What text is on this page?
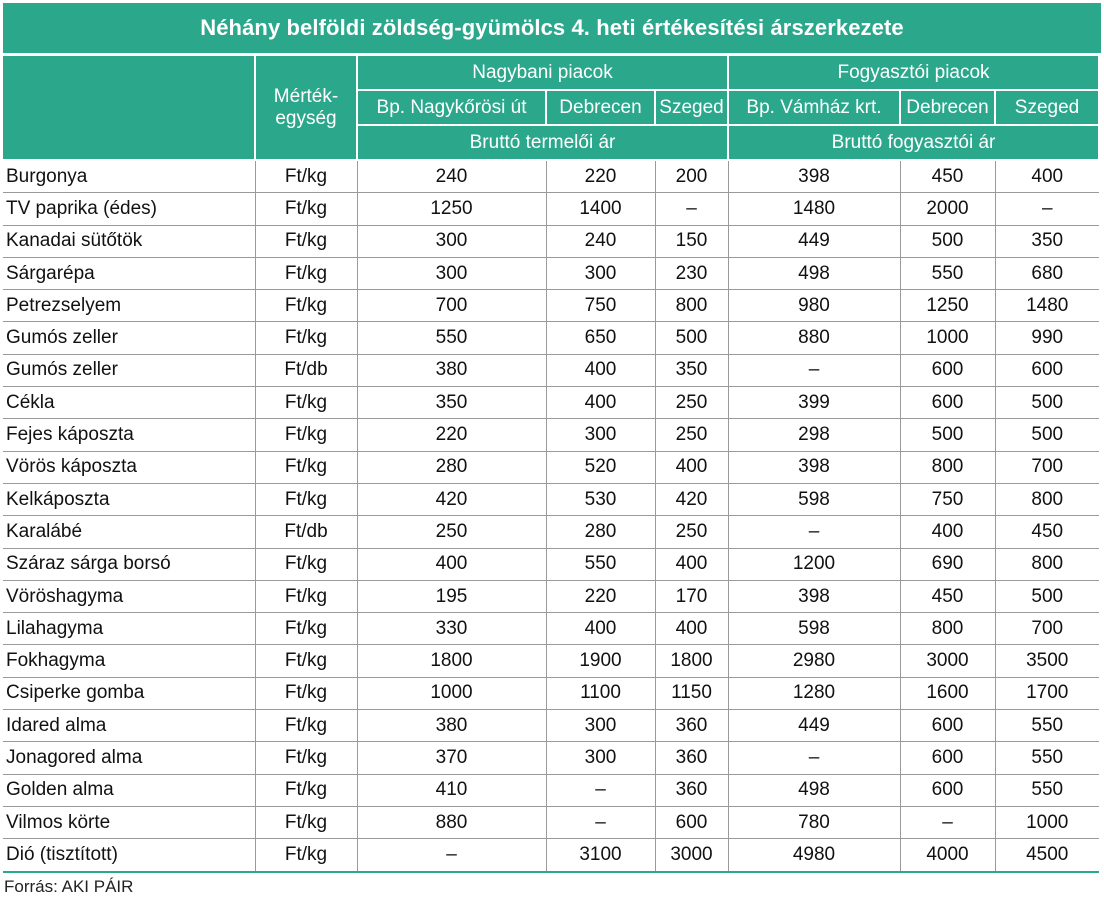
Néhány belföldi zöldség-gyümölcs 4. heti értékesítési árszerkezete
	Mérték-egység	Nagybani piacok			Fogyasztói piacok		
		Bp. Nagykőrösi út	Debrecen	Szeged	Bp. Vámház krt.	Debrecen	Szeged
		Bruttó termelői ár			Bruttó fogyasztói ár		
Burgonya	Ft/kg	240	220	200	398	450	400
TV paprika (édes)	Ft/kg	1250	1400	–	1480	2000	–
Kanadai sütőtök	Ft/kg	300	240	150	449	500	350
Sárgarépa	Ft/kg	300	300	230	498	550	680
Petrezselyem	Ft/kg	700	750	800	980	1250	1480
Gumós zeller	Ft/kg	550	650	500	880	1000	990
Gumós zeller	Ft/db	380	400	350	–	600	600
Cékla	Ft/kg	350	400	250	399	600	500
Fejes káposzta	Ft/kg	220	300	250	298	500	500
Vörös káposzta	Ft/kg	280	520	400	398	800	700
Kelkáposzta	Ft/kg	420	530	420	598	750	800
Karalábé	Ft/db	250	280	250	–	400	450
Száraz sárga borsó	Ft/kg	400	550	400	1200	690	800
Vöröshagyma	Ft/kg	195	220	170	398	450	500
Lilahagyma	Ft/kg	330	400	400	598	800	700
Fokhagyma	Ft/kg	1800	1900	1800	2980	3000	3500
Csiperke gomba	Ft/kg	1000	1100	1150	1280	1600	1700
Idared alma	Ft/kg	380	300	360	449	600	550
Jonagored alma	Ft/kg	370	300	360	–	600	550
Golden alma	Ft/kg	410	–	360	498	600	550
Vilmos körte	Ft/kg	880	–	600	780	–	1000
Dió (tisztított)	Ft/kg	–	3100	3000	4980	4000	4500
Forrás: AKI PÁIR
